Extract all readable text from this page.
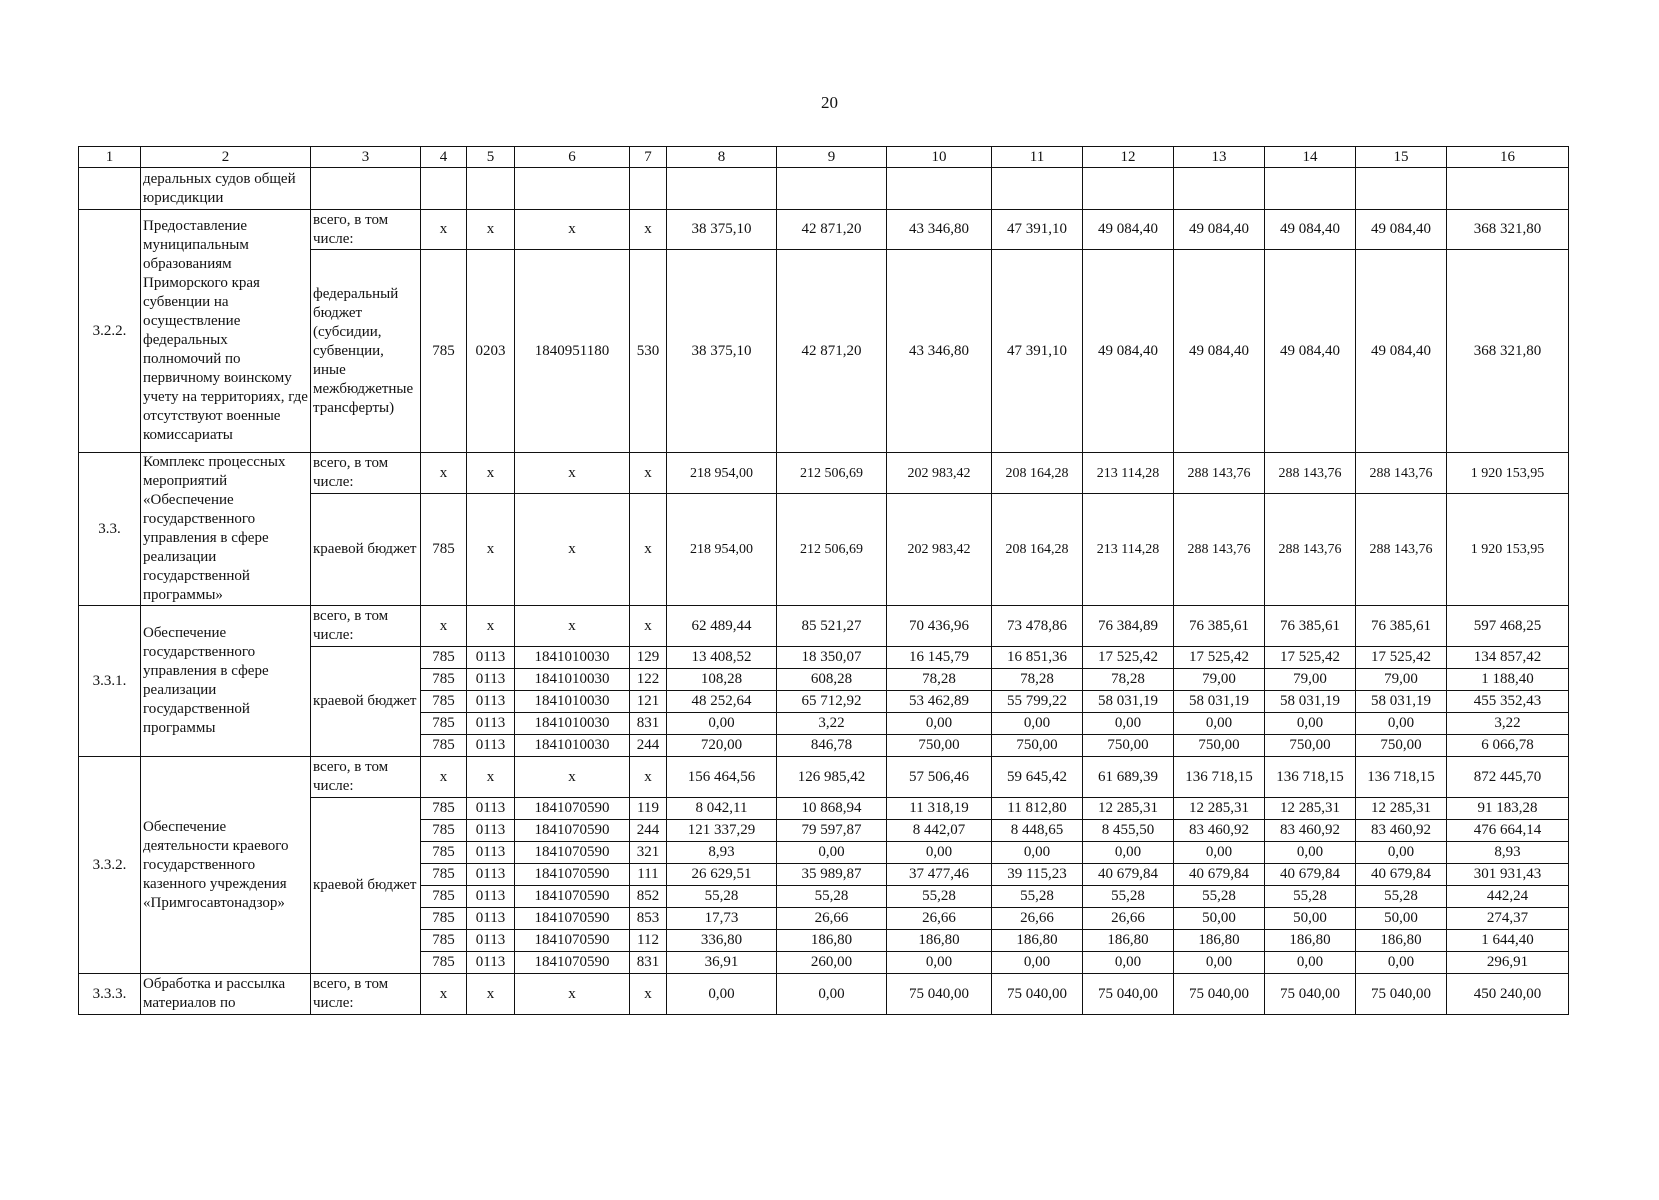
20
1	2	3	4	5	6	7	8	9	10	11	12	13	14	15	16
	деральных судов общей юрисдикции														
3.2.2.	Предоставление муниципальным образованиям Приморского края субвенции на осуществление федеральных полномочий по первичному воинскому учету на территориях, где отсутствуют военные комиссариаты	всего, в том числе:	х	х	х	х	38 375,10	42 871,20	43 346,80	47 391,10	49 084,40	49 084,40	49 084,40	49 084,40	368 321,80
		федеральный бюджет (субсидии, субвенции, иные межбюджетные трансферты)	785	0203	1840951180	530	38 375,10	42 871,20	43 346,80	47 391,10	49 084,40	49 084,40	49 084,40	49 084,40	368 321,80
3.3.	Комплекс процессных мероприятий «Обеспечение государственного управления в сфере реализации государственной программы»	всего, в том числе:	х	х	х	х	218 954,00	212 506,69	202 983,42	208 164,28	213 114,28	288 143,76	288 143,76	288 143,76	1 920 153,95
		краевой бюджет	785	х	х	х	218 954,00	212 506,69	202 983,42	208 164,28	213 114,28	288 143,76	288 143,76	288 143,76	1 920 153,95
3.3.1.	Обеспечение государственного управления в сфере реализации государственной программы	всего, в том числе:	х	х	х	х	62 489,44	85 521,27	70 436,96	73 478,86	76 384,89	76 385,61	76 385,61	76 385,61	597 468,25
		краевой бюджет	785	0113	1841010030	129	13 408,52	18 350,07	16 145,79	16 851,36	17 525,42	17 525,42	17 525,42	17 525,42	134 857,42
			785	0113	1841010030	122	108,28	608,28	78,28	78,28	78,28	79,00	79,00	79,00	1 188,40
			785	0113	1841010030	121	48 252,64	65 712,92	53 462,89	55 799,22	58 031,19	58 031,19	58 031,19	58 031,19	455 352,43
			785	0113	1841010030	831	0,00	3,22	0,00	0,00	0,00	0,00	0,00	0,00	3,22
			785	0113	1841010030	244	720,00	846,78	750,00	750,00	750,00	750,00	750,00	750,00	6 066,78
3.3.2.	Обеспечение деятельности краевого государственного казенного учреждения «Примгосавтонадзор»	всего, в том числе:	х	х	х	х	156 464,56	126 985,42	57 506,46	59 645,42	61 689,39	136 718,15	136 718,15	136 718,15	872 445,70
		краевой бюджет	785	0113	1841070590	119	8 042,11	10 868,94	11 318,19	11 812,80	12 285,31	12 285,31	12 285,31	12 285,31	91 183,28
			785	0113	1841070590	244	121 337,29	79 597,87	8 442,07	8 448,65	8 455,50	83 460,92	83 460,92	83 460,92	476 664,14
			785	0113	1841070590	321	8,93	0,00	0,00	0,00	0,00	0,00	0,00	0,00	8,93
			785	0113	1841070590	111	26 629,51	35 989,87	37 477,46	39 115,23	40 679,84	40 679,84	40 679,84	40 679,84	301 931,43
			785	0113	1841070590	852	55,28	55,28	55,28	55,28	55,28	55,28	55,28	55,28	442,24
			785	0113	1841070590	853	17,73	26,66	26,66	26,66	26,66	50,00	50,00	50,00	274,37
			785	0113	1841070590	112	336,80	186,80	186,80	186,80	186,80	186,80	186,80	186,80	1 644,40
			785	0113	1841070590	831	36,91	260,00	0,00	0,00	0,00	0,00	0,00	0,00	296,91
3.3.3.	Обработка и рассылка материалов по	всего, в том числе:	х	х	х	х	0,00	0,00	75 040,00	75 040,00	75 040,00	75 040,00	75 040,00	75 040,00	450 240,00
